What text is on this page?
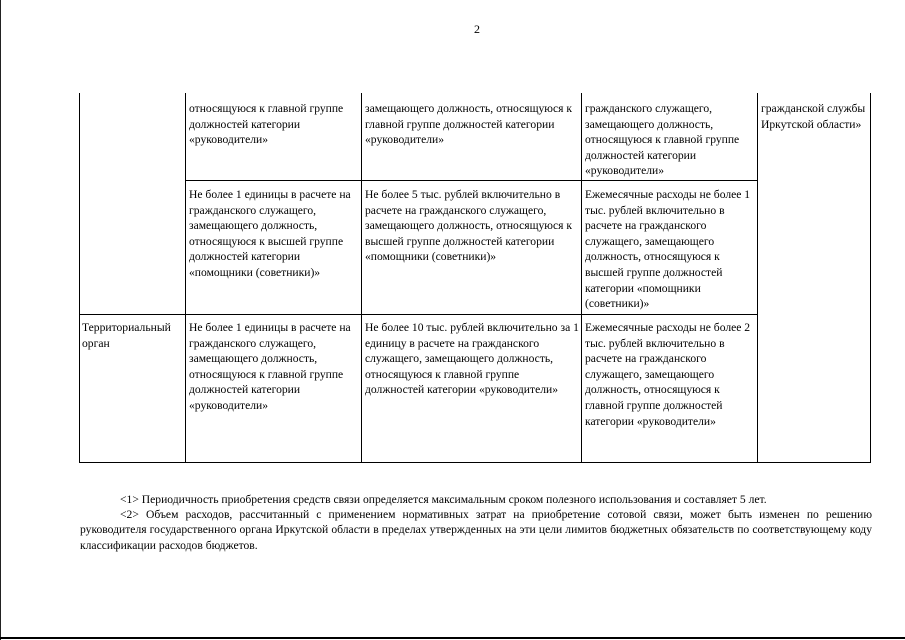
2
относящуюся к главной группе должностей категории «руководители»
замещающего должность, относящуюся к главной группе должностей категории «руководители»
гражданского служащего, замещающего должность, относящуюся к главной группе должностей категории «руководители»
гражданской службы Иркутской области»
Не более 1 единицы в расчете на гражданского служащего, замещающего должность, относящуюся к высшей группе должностей категории «помощники (советники)»
Не более 5 тыс. рублей включительно в расчете на гражданского служащего, замещающего должность, относящуюся к высшей группе должностей категории «помощники (советники)»
Ежемесячные расходы не более 1 тыс. рублей включительно в расчете на гражданского служащего, замещающего должность, относящуюся к высшей группе должностей категории «помощники (советники)»
Территориальный орган
Не более 1 единицы в расчете на гражданского служащего, замещающего должность, относящуюся к главной группе должностей категории «руководители»
Не более 10 тыс. рублей включительно за 1 единицу в расчете на гражданского служащего, замещающего должность, относящуюся к главной группе должностей категории «руководители»
Ежемесячные расходы не более 2 тыс. рублей включительно в расчете на гражданского служащего, замещающего должность, относящуюся к главной группе должностей категории «руководители»

<1> Периодичность приобретения средств связи определяется максимальным сроком полезного использования и составляет 5 лет.

<2> Объем расходов, рассчитанный с применением нормативных затрат на приобретение сотовой связи, может быть изменен по решению руководителя государственного органа Иркутской области в пределах утвержденных на эти цели лимитов бюджетных обязательств по соответствующему коду классификации расходов бюджетов.
